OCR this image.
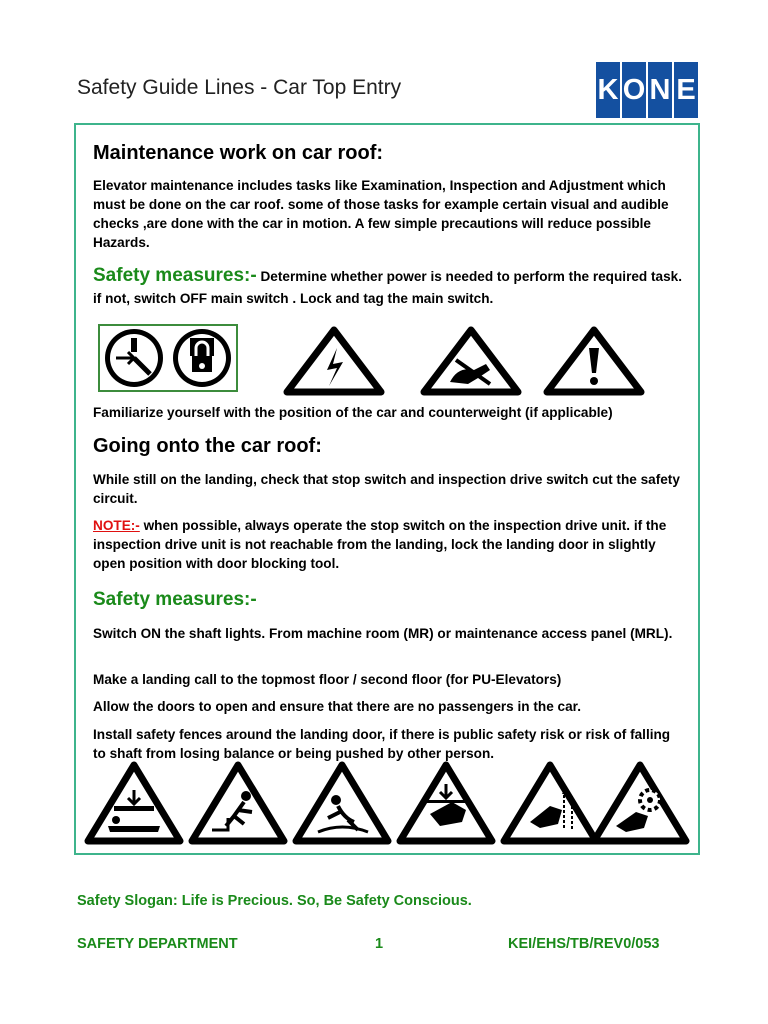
Safety Guide Lines - Car Top Entry	K O N E
Maintenance work on car roof:
Elevator maintenance includes tasks like Examination, Inspection and Adjustment which must be done on the car roof. some of those tasks for example certain visual and audible checks ,are done with the car in motion. A few simple precautions will reduce possible Hazards.
Safety measures:- Determine whether power is needed to perform the required task. if not, switch OFF main switch . Lock and tag the main switch.
Familiarize yourself with the position of the car and counterweight (if applicable)
Going onto the car roof:
While still on the landing, check that stop switch and inspection drive switch cut the safety circuit.
NOTE:- when possible, always operate the stop switch on the inspection drive unit. if the inspection drive unit is not reachable from the landing, lock the landing door in slightly open position with door blocking tool.
Safety measures:-
Switch ON the shaft lights. From machine room (MR) or maintenance access panel (MRL).
Make a landing call to the topmost floor / second floor (for PU-Elevators)
Allow the doors to open and ensure that there are no passengers in the car.
Install safety fences around the landing door, if there is public safety risk or risk of falling to shaft from losing balance or being pushed by other person.
Safety Slogan: Life is Precious. So, Be Safety Conscious.
SAFETY DEPARTMENT	1	KEI/EHS/TB/REV0/053
